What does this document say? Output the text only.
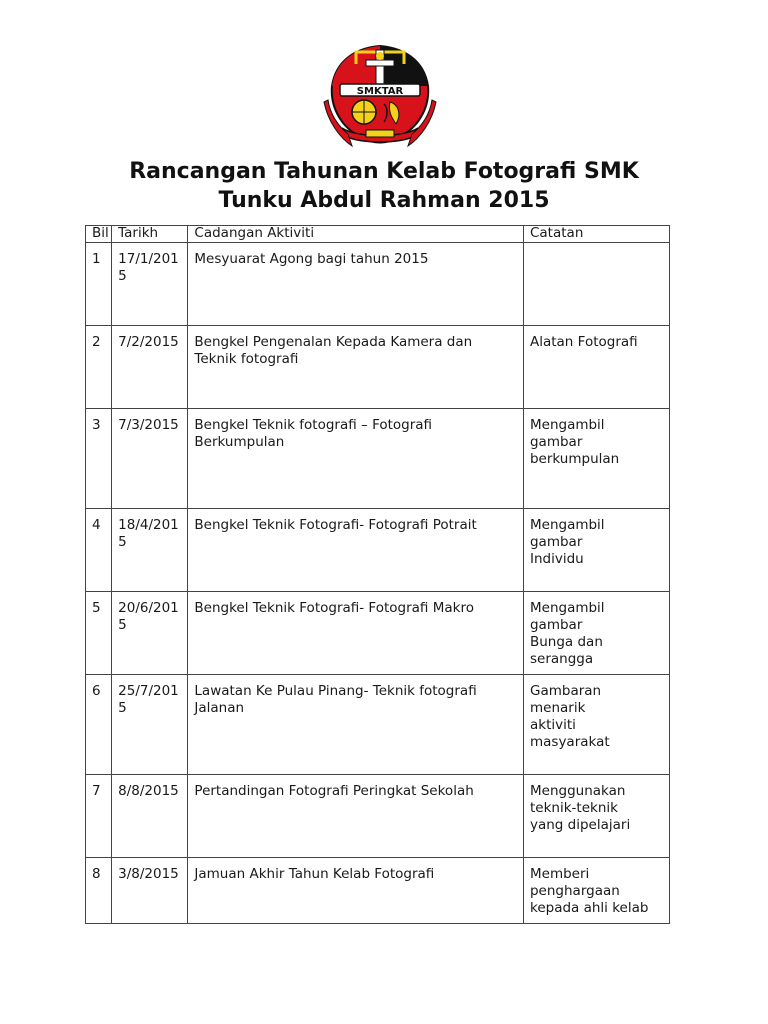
SMKTAR
Rancangan Tahunan Kelab Fotografi SMK
Tunku Abdul Rahman 2015
Bil	Tarikh	Cadangan Aktiviti	Catatan
1	17/1/2015	Mesyuarat Agong bagi tahun 2015	
2	7/2/2015	Bengkel Pengenalan Kepada Kamera dan Teknik fotografi	Alatan Fotografi
3	7/3/2015	Bengkel Teknik fotografi – Fotografi Berkumpulan	Mengambil
gambar
berkumpulan
4	18/4/2015	Bengkel Teknik Fotografi- Fotografi Potrait	Mengambil
gambar
Individu
5	20/6/2015	Bengkel Teknik Fotografi- Fotografi Makro	Mengambil
gambar
Bunga dan
serangga
6	25/7/2015	Lawatan Ke Pulau Pinang- Teknik fotografi Jalanan	Gambaran
menarik
aktiviti
masyarakat
7	8/8/2015	Pertandingan Fotografi Peringkat Sekolah	Menggunakan
teknik-teknik
yang dipelajari
8	3/8/2015	Jamuan Akhir Tahun Kelab Fotografi	Memberi
penghargaan
kepada ahli kelab
